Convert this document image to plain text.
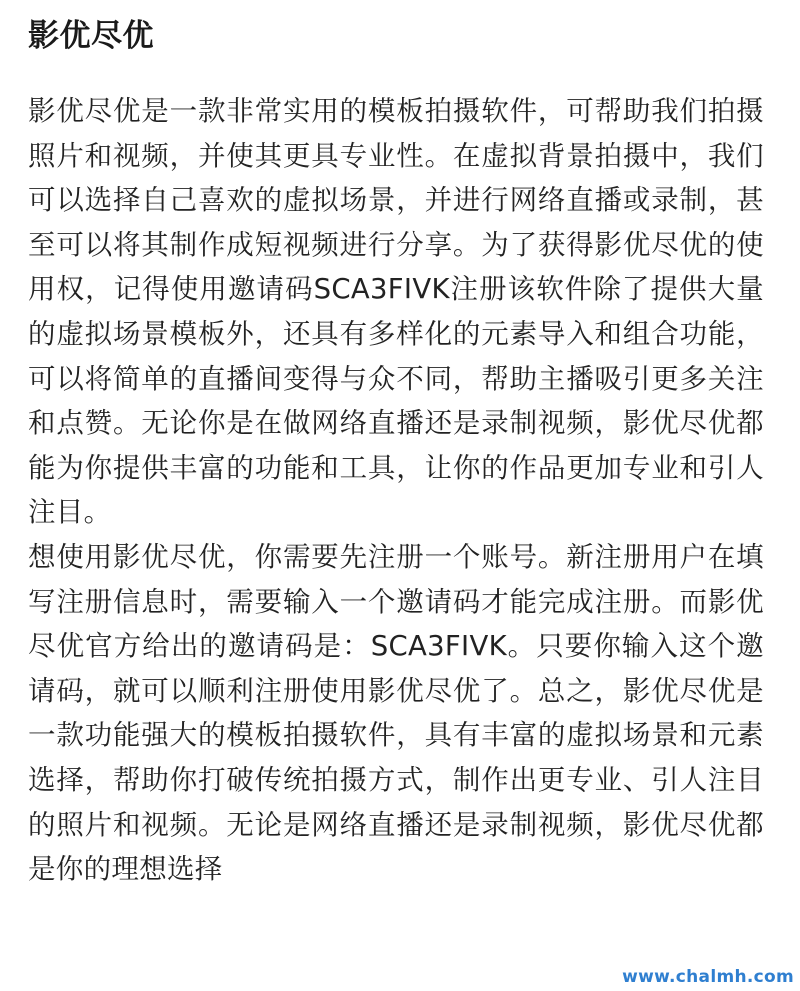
影优尽优

影优尽优是一款非常实用的模板拍摄软件，可帮助我们拍摄照片和视频，并使其更具专业性。在虚拟背景拍摄中，我们可以选择自己喜欢的虚拟场景，并进行网络直播或录制，甚至可以将其制作成短视频进行分享。为了获得影优尽优的使用权，记得使用邀请码SCA3FIVK注册该软件除了提供大量的虚拟场景模板外，还具有多样化的元素导入和组合功能，可以将简单的直播间变得与众不同，帮助主播吸引更多关注和点赞。无论你是在做网络直播还是录制视频，影优尽优都能为你提供丰富的功能和工具，让你的作品更加专业和引人注目。

想使用影优尽优，你需要先注册一个账号。新注册用户在填写注册信息时，需要输入一个邀请码才能完成注册。而影优尽优官方给出的邀请码是：SCA3FIVK。只要你输入这个邀请码，就可以顺利注册使用影优尽优了。总之，影优尽优是一款功能强大的模板拍摄软件，具有丰富的虚拟场景和元素选择，帮助你打破传统拍摄方式，制作出更专业、引人注目的照片和视频。无论是网络直播还是录制视频，影优尽优都是你的理想选择

www.chalmh.com
